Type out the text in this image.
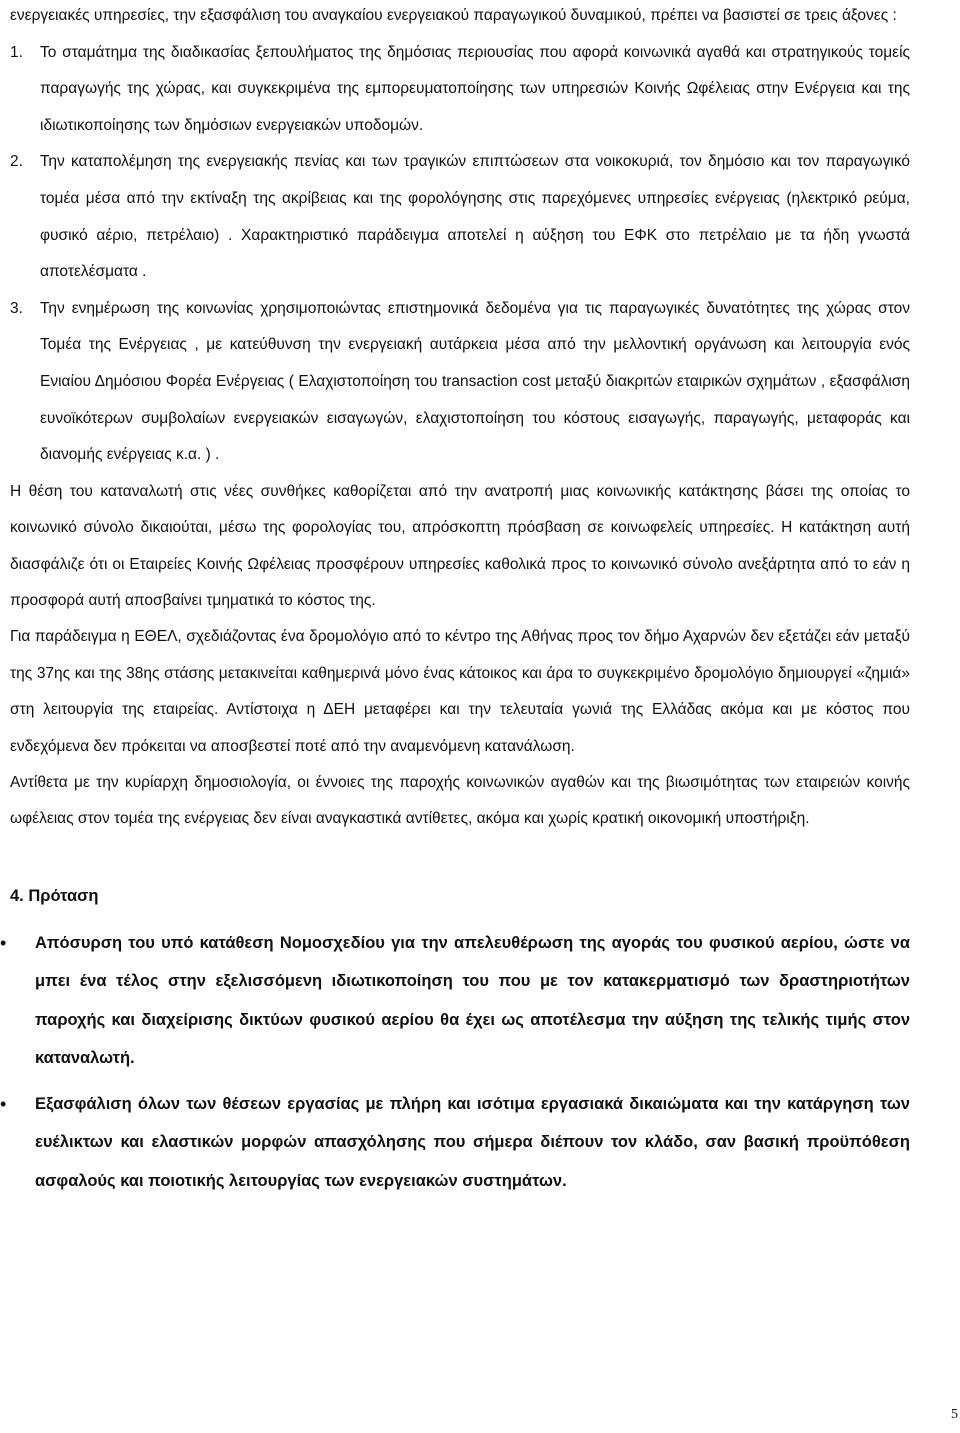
ενεργειακές υπηρεσίες, την εξασφάλιση του αναγκαίου ενεργειακού παραγωγικού δυναμικού, πρέπει να βασιστεί σε τρεις άξονες :

1. Το σταμάτημα της διαδικασίας ξεπουλήματος της δημόσιας περιουσίας που αφορά κοινωνικά αγαθά και στρατηγικούς τομείς παραγωγής της χώρας, και συγκεκριμένα της εμπορευματοποίησης των υπηρεσιών Κοινής Ωφέλειας στην Ενέργεια και της ιδιωτικοποίησης των δημόσιων ενεργειακών υποδομών.
2. Την καταπολέμηση της ενεργειακής πενίας και των τραγικών επιπτώσεων στα νοικοκυριά, τον δημόσιο και τον παραγωγικό τομέα μέσα από την εκτίναξη της ακρίβειας και της φορολόγησης στις παρεχόμενες υπηρεσίες ενέργειας (ηλεκτρικό ρεύμα, φυσικό αέριο, πετρέλαιο) . Χαρακτηριστικό παράδειγμα αποτελεί η αύξηση του ΕΦΚ στο πετρέλαιο με τα ήδη γνωστά αποτελέσματα .
3. Την ενημέρωση της κοινωνίας χρησιμοποιώντας επιστημονικά δεδομένα για τις παραγωγικές δυνατότητες της χώρας στον Τομέα της Ενέργειας , με κατεύθυνση την ενεργειακή αυτάρκεια μέσα από την μελλοντική οργάνωση και λειτουργία ενός Ενιαίου Δημόσιου Φορέα Ενέργειας ( Ελαχιστοποίηση του transaction cost μεταξύ διακριτών εταιρικών σχημάτων , εξασφάλιση ευνοϊκότερων συμβολαίων ενεργειακών εισαγωγών, ελαχιστοποίηση του κόστους εισαγωγής, παραγωγής, μεταφοράς και διανομής ενέργειας κ.α. ) .

Η θέση του καταναλωτή στις νέες συνθήκες καθορίζεται από την ανατροπή μιας κοινωνικής κατάκτησης βάσει της οποίας το κοινωνικό σύνολο δικαιούται, μέσω της φορολογίας του, απρόσκοπτη πρόσβαση σε κοινωφελείς υπηρεσίες. Η κατάκτηση αυτή διασφάλιζε ότι οι Εταιρείες Κοινής Ωφέλειας προσφέρουν υπηρεσίες καθολικά προς το κοινωνικό σύνολο ανεξάρτητα από το εάν η προσφορά αυτή αποσβαίνει τμηματικά το κόστος της.

Για παράδειγμα η ΕΘΕΛ, σχεδιάζοντας ένα δρομολόγιο από το κέντρο της Αθήνας προς τον δήμο Αχαρνών δεν εξετάζει εάν μεταξύ της 37ης και της 38ης στάσης μετακινείται καθημερινά μόνο ένας κάτοικος και άρα το συγκεκριμένο δρομολόγιο δημιουργεί «ζημιά» στη λειτουργία της εταιρείας. Αντίστοιχα η ΔΕΗ μεταφέρει και την τελευταία γωνιά της Ελλάδας ακόμα και με κόστος που ενδεχόμενα δεν πρόκειται να αποσβεστεί ποτέ από την αναμενόμενη κατανάλωση.

Αντίθετα με την κυρίαρχη δημοσιολογία, οι έννοιες της παροχής κοινωνικών αγαθών και της βιωσιμότητας των εταιρειών κοινής ωφέλειας στον τομέα της ενέργειας δεν είναι αναγκαστικά αντίθετες, ακόμα και χωρίς κρατική οικονομική υποστήριξη.

4. Πρόταση

• Απόσυρση του υπό κατάθεση Νομοσχεδίου για την απελευθέρωση της αγοράς του φυσικού αερίου, ώστε να μπει ένα τέλος στην εξελισσόμενη ιδιωτικοποίηση του που με τον κατακερματισμό των δραστηριοτήτων παροχής και διαχείρισης δικτύων φυσικού αερίου θα έχει ως αποτέλεσμα την αύξηση της τελικής τιμής στον καταναλωτή.
• Εξασφάλιση όλων των θέσεων εργασίας με πλήρη και ισότιμα εργασιακά δικαιώματα και την κατάργηση των ευέλικτων και ελαστικών μορφών απασχόλησης που σήμερα διέπουν τον κλάδο, σαν βασική προϋπόθεση ασφαλούς και ποιοτικής λειτουργίας των ενεργειακών συστημάτων.
5
